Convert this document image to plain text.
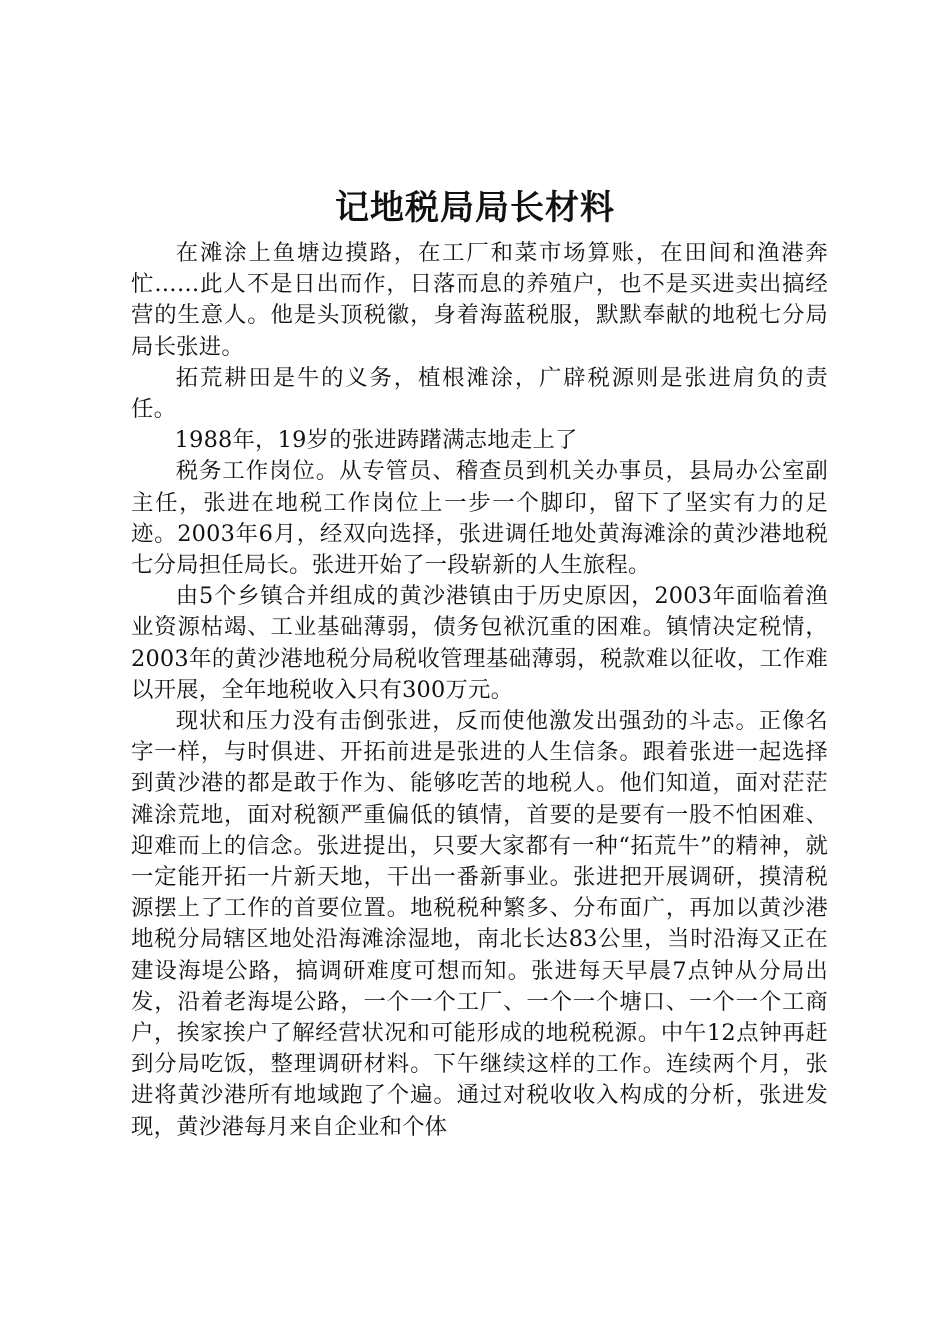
记地税局局长材料

在滩涂上鱼塘边摸路，在工厂和菜市场算账，在田间和渔港奔忙……此人不是日出而作，日落而息的养殖户，也不是买进卖出搞经营的生意人。他是头顶税徽，身着海蓝税服，默默奉献的地税七分局局长张进。

拓荒耕田是牛的义务，植根滩涂，广辟税源则是张进肩负的责任。

1988年，19岁的张进踌躇满志地走上了

税务工作岗位。从专管员、稽查员到机关办事员，县局办公室副主任，张进在地税工作岗位上一步一个脚印，留下了坚实有力的足迹。2003年6月，经双向选择，张进调任地处黄海滩涂的黄沙港地税七分局担任局长。张进开始了一段崭新的人生旅程。

由5个乡镇合并组成的黄沙港镇由于历史原因，2003年面临着渔业资源枯竭、工业基础薄弱，债务包袱沉重的困难。镇情决定税情，2003年的黄沙港地税分局税收管理基础薄弱，税款难以征收，工作难以开展，全年地税收入只有300万元。

现状和压力没有击倒张进，反而使他激发出强劲的斗志。正像名字一样，与时俱进、开拓前进是张进的人生信条。跟着张进一起选择到黄沙港的都是敢于作为、能够吃苦的地税人。他们知道，面对茫茫滩涂荒地，面对税额严重偏低的镇情，首要的是要有一股不怕困难、迎难而上的信念。张进提出，只要大家都有一种“拓荒牛”的精神，就一定能开拓一片新天地，干出一番新事业。张进把开展调研，摸清税源摆上了工作的首要位置。地税税种繁多、分布面广，再加以黄沙港地税分局辖区地处沿海滩涂湿地，南北长达83公里，当时沿海又正在建设海堤公路，搞调研难度可想而知。张进每天早晨7点钟从分局出发，沿着老海堤公路，一个一个工厂、一个一个塘口、一个一个工商户，挨家挨户了解经营状况和可能形成的地税税源。中午12点钟再赶到分局吃饭，整理调研材料。下午继续这样的工作。连续两个月，张进将黄沙港所有地域跑了个遍。通过对税收收入构成的分析，张进发现，黄沙港每月来自企业和个体
